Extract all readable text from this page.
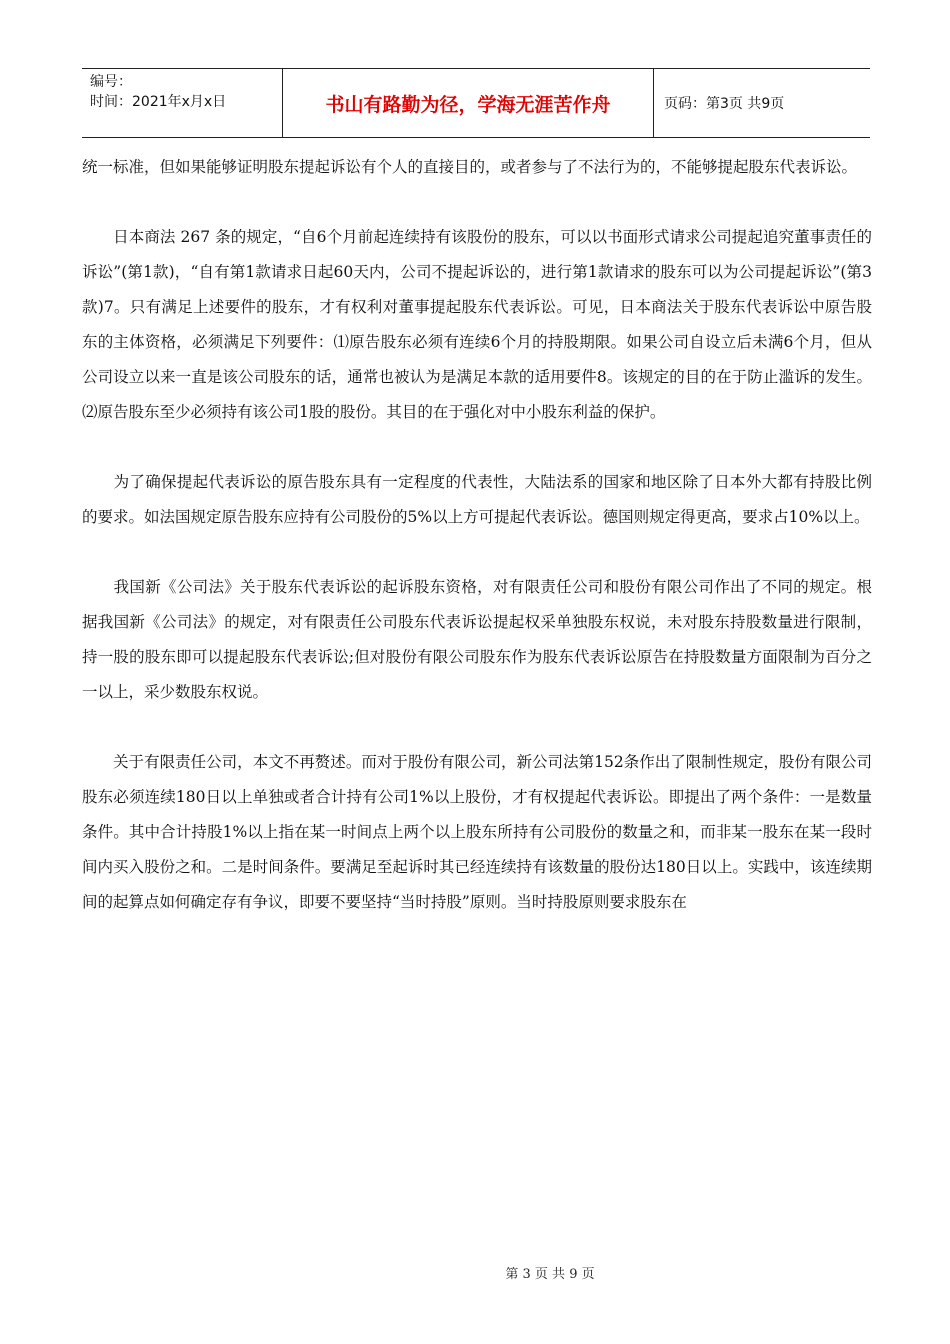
编号：
时间：2021年x月x日	书山有路勤为径，学海无涯苦作舟	页码：第3页 共9页

统一标准，但如果能够证明股东提起诉讼有个人的直接目的，或者参与了不法行为的，不能够提起股东代表诉讼。

　　日本商法 267 条的规定，“自6个月前起连续持有该股份的股东，可以以书面形式请求公司提起追究董事责任的诉讼”(第1款)，“自有第1款请求日起60天内，公司不提起诉讼的，进行第1款请求的股东可以为公司提起诉讼”(第3款)7。只有满足上述要件的股东，才有权利对董事提起股东代表诉讼。可见，日本商法关于股东代表诉讼中原告股东的主体资格，必须满足下列要件：⑴原告股东必须有连续6个月的持股期限。如果公司自设立后未满6个月，但从公司设立以来一直是该公司股东的话，通常也被认为是满足本款的适用要件8。该规定的目的在于防止滥诉的发生。⑵原告股东至少必须持有该公司1股的股份。其目的在于强化对中小股东利益的保护。

　　为了确保提起代表诉讼的原告股东具有一定程度的代表性，大陆法系的国家和地区除了日本外大都有持股比例的要求。如法国规定原告股东应持有公司股份的5%以上方可提起代表诉讼。德国则规定得更高，要求占10%以上。

　　我国新《公司法》关于股东代表诉讼的起诉股东资格，对有限责任公司和股份有限公司作出了不同的规定。根据我国新《公司法》的规定，对有限责任公司股东代表诉讼提起权采单独股东权说，未对股东持股数量进行限制，持一股的股东即可以提起股东代表诉讼;但对股份有限公司股东作为股东代表诉讼原告在持股数量方面限制为百分之一以上，采少数股东权说。

　　关于有限责任公司，本文不再赘述。而对于股份有限公司，新公司法第152条作出了限制性规定，股份有限公司股东必须连续180日以上单独或者合计持有公司1%以上股份，才有权提起代表诉讼。即提出了两个条件：一是数量条件。其中合计持股1%以上指在某一时间点上两个以上股东所持有公司股份的数量之和，而非某一股东在某一段时间内买入股份之和。二是时间条件。要满足至起诉时其已经连续持有该数量的股份达180日以上。实践中，该连续期间的起算点如何确定存有争议，即要不要坚持“当时持股”原则。当时持股原则要求股东在

第 3 页 共 9 页
